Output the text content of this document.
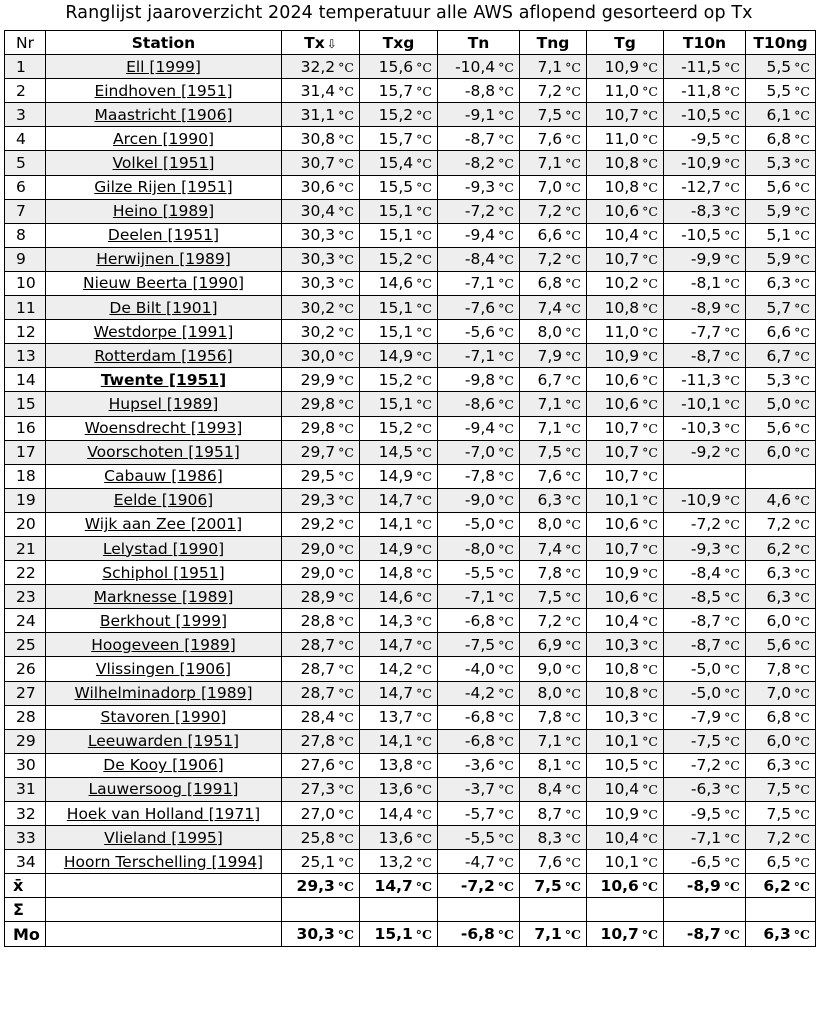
Ranglijst jaaroverzicht 2024 temperatuur alle AWS aflopend gesorteerd op Tx
Nr	Station	Tx ⇩	Txg	Tn	Tng	Tg	T10n	T10ng
1	Ell [1999]	32,2 °C	15,6 °C	-10,4 °C	7,1 °C	10,9 °C	-11,5 °C	5,5 °C
2	Eindhoven [1951]	31,4 °C	15,7 °C	-8,8 °C	7,2 °C	11,0 °C	-11,8 °C	5,5 °C
3	Maastricht [1906]	31,1 °C	15,2 °C	-9,1 °C	7,5 °C	10,7 °C	-10,5 °C	6,1 °C
4	Arcen [1990]	30,8 °C	15,7 °C	-8,7 °C	7,6 °C	11,0 °C	-9,5 °C	6,8 °C
5	Volkel [1951]	30,7 °C	15,4 °C	-8,2 °C	7,1 °C	10,8 °C	-10,9 °C	5,3 °C
6	Gilze Rijen [1951]	30,6 °C	15,5 °C	-9,3 °C	7,0 °C	10,8 °C	-12,7 °C	5,6 °C
7	Heino [1989]	30,4 °C	15,1 °C	-7,2 °C	7,2 °C	10,6 °C	-8,3 °C	5,9 °C
8	Deelen [1951]	30,3 °C	15,1 °C	-9,4 °C	6,6 °C	10,4 °C	-10,5 °C	5,1 °C
9	Herwijnen [1989]	30,3 °C	15,2 °C	-8,4 °C	7,2 °C	10,7 °C	-9,9 °C	5,9 °C
10	Nieuw Beerta [1990]	30,3 °C	14,6 °C	-7,1 °C	6,8 °C	10,2 °C	-8,1 °C	6,3 °C
11	De Bilt [1901]	30,2 °C	15,1 °C	-7,6 °C	7,4 °C	10,8 °C	-8,9 °C	5,7 °C
12	Westdorpe [1991]	30,2 °C	15,1 °C	-5,6 °C	8,0 °C	11,0 °C	-7,7 °C	6,6 °C
13	Rotterdam [1956]	30,0 °C	14,9 °C	-7,1 °C	7,9 °C	10,9 °C	-8,7 °C	6,7 °C
14	Twente [1951]	29,9 °C	15,2 °C	-9,8 °C	6,7 °C	10,6 °C	-11,3 °C	5,3 °C
15	Hupsel [1989]	29,8 °C	15,1 °C	-8,6 °C	7,1 °C	10,6 °C	-10,1 °C	5,0 °C
16	Woensdrecht [1993]	29,8 °C	15,2 °C	-9,4 °C	7,1 °C	10,7 °C	-10,3 °C	5,6 °C
17	Voorschoten [1951]	29,7 °C	14,5 °C	-7,0 °C	7,5 °C	10,7 °C	-9,2 °C	6,0 °C
18	Cabauw [1986]	29,5 °C	14,9 °C	-7,8 °C	7,6 °C	10,7 °C		
19	Eelde [1906]	29,3 °C	14,7 °C	-9,0 °C	6,3 °C	10,1 °C	-10,9 °C	4,6 °C
20	Wijk aan Zee [2001]	29,2 °C	14,1 °C	-5,0 °C	8,0 °C	10,6 °C	-7,2 °C	7,2 °C
21	Lelystad [1990]	29,0 °C	14,9 °C	-8,0 °C	7,4 °C	10,7 °C	-9,3 °C	6,2 °C
22	Schiphol [1951]	29,0 °C	14,8 °C	-5,5 °C	7,8 °C	10,9 °C	-8,4 °C	6,3 °C
23	Marknesse [1989]	28,9 °C	14,6 °C	-7,1 °C	7,5 °C	10,6 °C	-8,5 °C	6,3 °C
24	Berkhout [1999]	28,8 °C	14,3 °C	-6,8 °C	7,2 °C	10,4 °C	-8,7 °C	6,0 °C
25	Hoogeveen [1989]	28,7 °C	14,7 °C	-7,5 °C	6,9 °C	10,3 °C	-8,7 °C	5,6 °C
26	Vlissingen [1906]	28,7 °C	14,2 °C	-4,0 °C	9,0 °C	10,8 °C	-5,0 °C	7,8 °C
27	Wilhelminadorp [1989]	28,7 °C	14,7 °C	-4,2 °C	8,0 °C	10,8 °C	-5,0 °C	7,0 °C
28	Stavoren [1990]	28,4 °C	13,7 °C	-6,8 °C	7,8 °C	10,3 °C	-7,9 °C	6,8 °C
29	Leeuwarden [1951]	27,8 °C	14,1 °C	-6,8 °C	7,1 °C	10,1 °C	-7,5 °C	6,0 °C
30	De Kooy [1906]	27,6 °C	13,8 °C	-3,6 °C	8,1 °C	10,5 °C	-7,2 °C	6,3 °C
31	Lauwersoog [1991]	27,3 °C	13,6 °C	-3,7 °C	8,4 °C	10,4 °C	-6,3 °C	7,5 °C
32	Hoek van Holland [1971]	27,0 °C	14,4 °C	-5,7 °C	8,7 °C	10,9 °C	-9,5 °C	7,5 °C
33	Vlieland [1995]	25,8 °C	13,6 °C	-5,5 °C	8,3 °C	10,4 °C	-7,1 °C	7,2 °C
34	Hoorn Terschelling [1994]	25,1 °C	13,2 °C	-4,7 °C	7,6 °C	10,1 °C	-6,5 °C	6,5 °C
x̄		29,3 °C	14,7 °C	-7,2 °C	7,5 °C	10,6 °C	-8,9 °C	6,2 °C
Σ								
Mo		30,3 °C	15,1 °C	-6,8 °C	7,1 °C	10,7 °C	-8,7 °C	6,3 °C
